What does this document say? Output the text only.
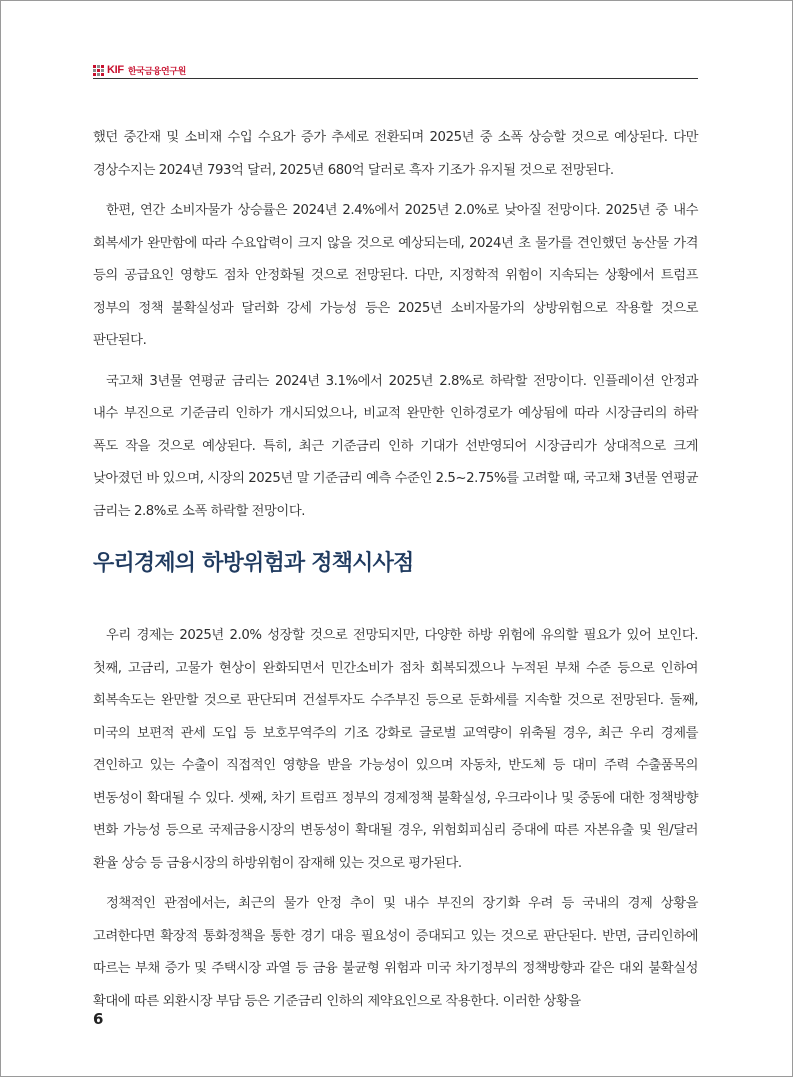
KIF 한국금융연구원

했던 중간재 및 소비재 수입 수요가 증가 추세로 전환되며 2025년 중 소폭 상승할 것으로 예상된다. 다만 경상수지는 2024년 793억 달러, 2025년 680억 달러로 흑자 기조가 유지될 것으로 전망된다.

한편, 연간 소비자물가 상승률은 2024년 2.4%에서 2025년 2.0%로 낮아질 전망이다. 2025년 중 내수 회복세가 완만함에 따라 수요압력이 크지 않을 것으로 예상되는데, 2024년 초 물가를 견인했던 농산물 가격 등의 공급요인 영향도 점차 안정화될 것으로 전망된다. 다만, 지정학적 위험이 지속되는 상황에서 트럼프 정부의 정책 불확실성과 달러화 강세 가능성 등은 2025년 소비자물가의 상방위험으로 작용할 것으로 판단된다.

국고채 3년물 연평균 금리는 2024년 3.1%에서 2025년 2.8%로 하락할 전망이다. 인플레이션 안정과 내수 부진으로 기준금리 인하가 개시되었으나, 비교적 완만한 인하경로가 예상됨에 따라 시장금리의 하락 폭도 작을 것으로 예상된다. 특히, 최근 기준금리 인하 기대가 선반영되어 시장금리가 상대적으로 크게 낮아졌던 바 있으며, 시장의 2025년 말 기준금리 예측 수준인 2.5~2.75%를 고려할 때, 국고채 3년물 연평균 금리는 2.8%로 소폭 하락할 전망이다.

우리경제의 하방위험과 정책시사점

우리 경제는 2025년 2.0% 성장할 것으로 전망되지만, 다양한 하방 위험에 유의할 필요가 있어 보인다. 첫째, 고금리, 고물가 현상이 완화되면서 민간소비가 점차 회복되겠으나 누적된 부채 수준 등으로 인하여 회복속도는 완만할 것으로 판단되며 건설투자도 수주부진 등으로 둔화세를 지속할 것으로 전망된다. 둘째, 미국의 보편적 관세 도입 등 보호무역주의 기조 강화로 글로벌 교역량이 위축될 경우, 최근 우리 경제를 견인하고 있는 수출이 직접적인 영향을 받을 가능성이 있으며 자동차, 반도체 등 대미 주력 수출품목의 변동성이 확대될 수 있다. 셋째, 차기 트럼프 정부의 경제정책 불확실성, 우크라이나 및 중동에 대한 정책방향 변화 가능성 등으로 국제금융시장의 변동성이 확대될 경우, 위험회피심리 증대에 따른 자본유출 및 원/달러 환율 상승 등 금융시장의 하방위험이 잠재해 있는 것으로 평가된다.

정책적인 관점에서는, 최근의 물가 안정 추이 및 내수 부진의 장기화 우려 등 국내의 경제 상황을 고려한다면 확장적 통화정책을 통한 경기 대응 필요성이 증대되고 있는 것으로 판단된다. 반면, 금리인하에 따르는 부채 증가 및 주택시장 과열 등 금융 불균형 위험과 미국 차기정부의 정책방향과 같은 대외 불확실성 확대에 따른 외환시장 부담 등은 기준금리 인하의 제약요인으로 작용한다. 이러한 상황을

6
